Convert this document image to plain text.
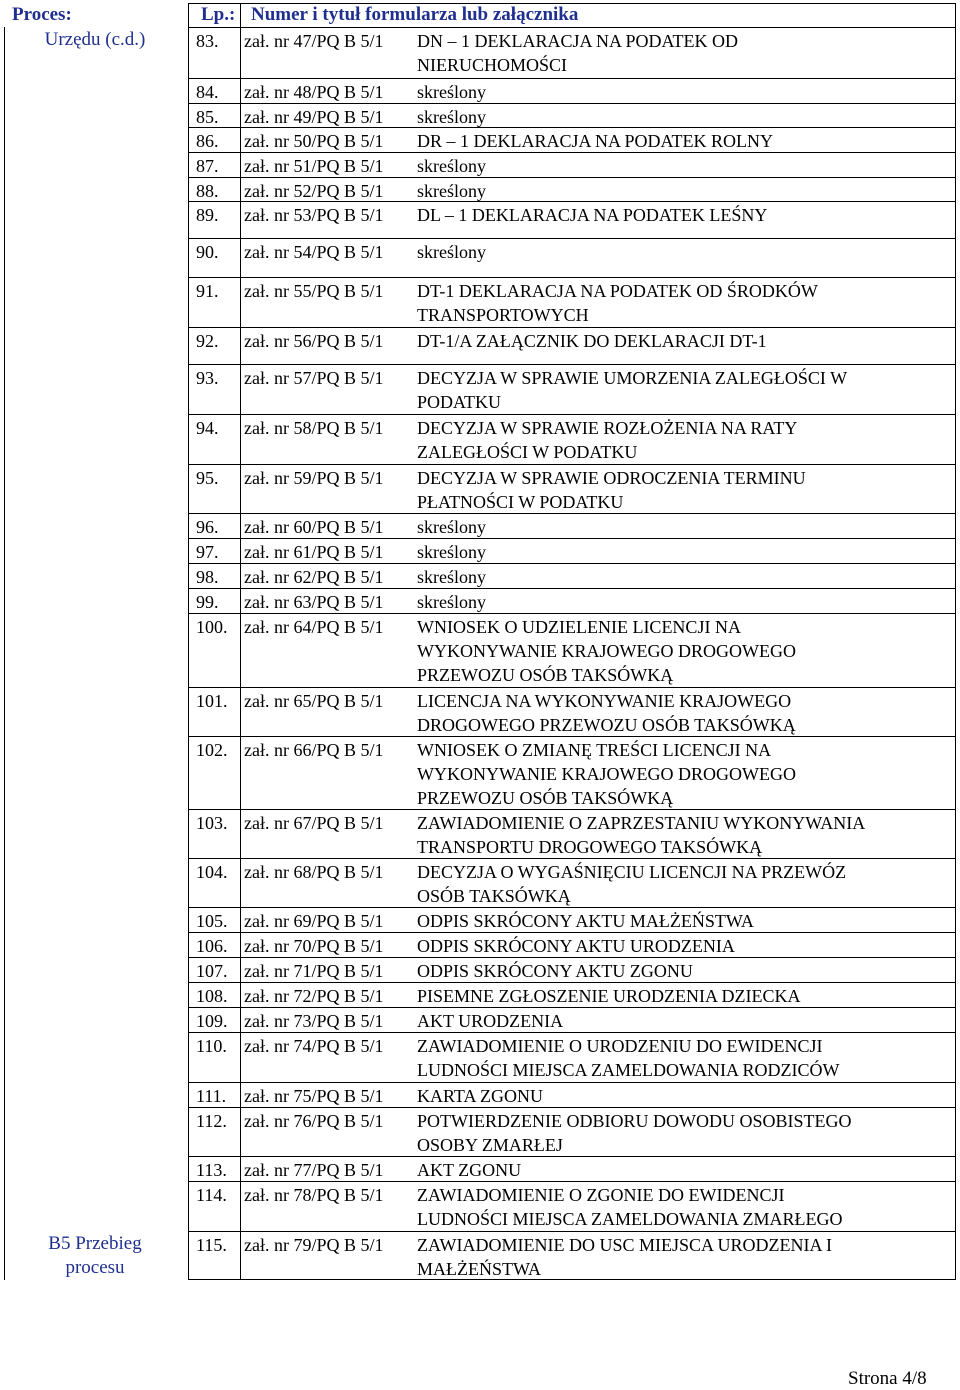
Proces:	Lp.: Numer i tytuł formularza lub załącznika
Urzędu (c.d.)
B5 Przebieg
procesu
83.	zał. nr 47/PQ B 5/1	DN – 1 DEKLARACJA NA PODATEK OD
NIERUCHOMOŚCI
84.	zał. nr 48/PQ B 5/1	skreślony
85.	zał. nr 49/PQ B 5/1	skreślony
86.	zał. nr 50/PQ B 5/1	DR – 1 DEKLARACJA NA PODATEK ROLNY
87.	zał. nr 51/PQ B 5/1	skreślony
88.	zał. nr 52/PQ B 5/1	skreślony
89.	zał. nr 53/PQ B 5/1	DL – 1 DEKLARACJA NA PODATEK LEŚNY
90.	zał. nr 54/PQ B 5/1	skreślony
91.	zał. nr 55/PQ B 5/1	DT-1 DEKLARACJA NA PODATEK OD ŚRODKÓW
TRANSPORTOWYCH
92.	zał. nr 56/PQ B 5/1	DT-1/A ZAŁĄCZNIK DO DEKLARACJI DT-1
93.	zał. nr 57/PQ B 5/1	DECYZJA W SPRAWIE UMORZENIA ZALEGŁOŚCI W
PODATKU
94.	zał. nr 58/PQ B 5/1	DECYZJA W SPRAWIE ROZŁOŻENIA NA RATY
ZALEGŁOŚCI W PODATKU
95.	zał. nr 59/PQ B 5/1	DECYZJA W SPRAWIE ODROCZENIA TERMINU
PŁATNOŚCI W PODATKU
96.	zał. nr 60/PQ B 5/1	skreślony
97.	zał. nr 61/PQ B 5/1	skreślony
98.	zał. nr 62/PQ B 5/1	skreślony
99.	zał. nr 63/PQ B 5/1	skreślony
100. zał. nr 64/PQ B 5/1	WNIOSEK O UDZIELENIE LICENCJI NA
WYKONYWANIE KRAJOWEGO DROGOWEGO
PRZEWOZU OSÓB TAKSÓWKĄ
101. zał. nr 65/PQ B 5/1	LICENCJA NA WYKONYWANIE KRAJOWEGO
DROGOWEGO PRZEWOZU OSÓB TAKSÓWKĄ
102. zał. nr 66/PQ B 5/1	WNIOSEK O ZMIANĘ TREŚCI LICENCJI NA
WYKONYWANIE KRAJOWEGO DROGOWEGO
PRZEWOZU OSÓB TAKSÓWKĄ
103. zał. nr 67/PQ B 5/1	ZAWIADOMIENIE O ZAPRZESTANIU WYKONYWANIA
TRANSPORTU DROGOWEGO TAKSÓWKĄ
104. zał. nr 68/PQ B 5/1	DECYZJA O WYGAŚNIĘCIU LICENCJI NA PRZEWÓZ
OSÓB TAKSÓWKĄ
105. zał. nr 69/PQ B 5/1	ODPIS SKRÓCONY AKTU MAŁŻEŃSTWA
106. zał. nr 70/PQ B 5/1	ODPIS SKRÓCONY AKTU URODZENIA
107. zał. nr 71/PQ B 5/1	ODPIS SKRÓCONY AKTU ZGONU
108. zał. nr 72/PQ B 5/1	PISEMNE ZGŁOSZENIE URODZENIA DZIECKA
109. zał. nr 73/PQ B 5/1	AKT URODZENIA
110. zał. nr 74/PQ B 5/1	ZAWIADOMIENIE O URODZENIU DO EWIDENCJI
LUDNOŚCI MIEJSCA ZAMELDOWANIA RODZICÓW
111. zał. nr 75/PQ B 5/1	KARTA ZGONU
112. zał. nr 76/PQ B 5/1	POTWIERDZENIE ODBIORU DOWODU OSOBISTEGO
OSOBY ZMARŁEJ
113. zał. nr 77/PQ B 5/1	AKT ZGONU
114. zał. nr 78/PQ B 5/1	ZAWIADOMIENIE O ZGONIE DO EWIDENCJI
LUDNOŚCI MIEJSCA ZAMELDOWANIA ZMARŁEGO
115. zał. nr 79/PQ B 5/1	ZAWIADOMIENIE DO USC MIEJSCA URODZENIA I
MAŁŻEŃSTWA
Strona 4/8
